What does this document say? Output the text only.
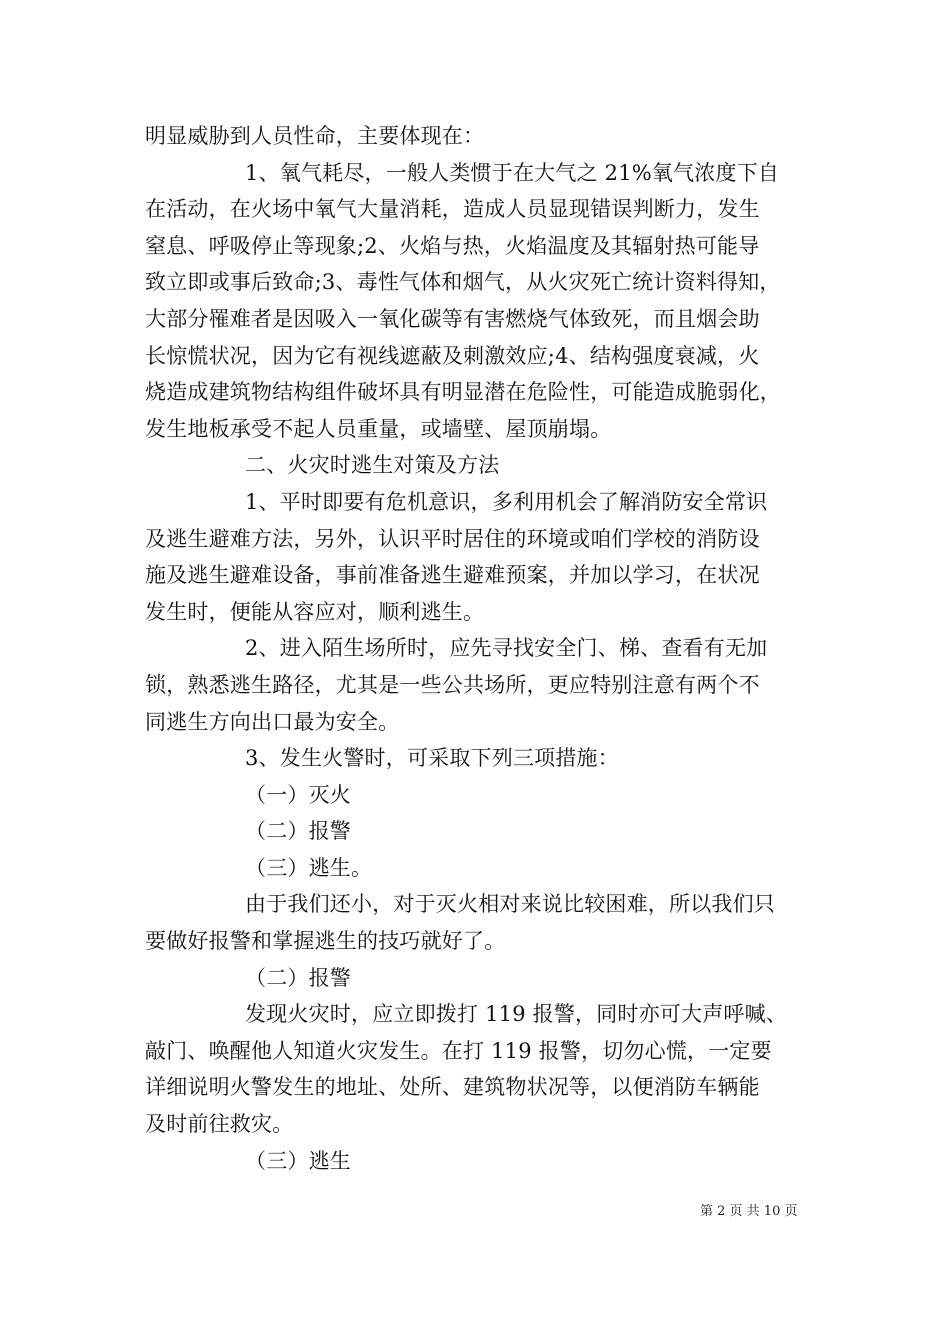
明显威胁到人员性命，主要体现在：
1、氧气耗尽，一般人类惯于在大气之 21%氧气浓度下自
在活动，在火场中氧气大量消耗，造成人员显现错误判断力，发生
窒息、呼吸停止等现象;2、火焰与热，火焰温度及其辐射热可能导
致立即或事后致命;3、毒性气体和烟气，从火灾死亡统计资料得知，
大部分罹难者是因吸入一氧化碳等有害燃烧气体致死，而且烟会助
长惊慌状况，因为它有视线遮蔽及刺激效应;4、结构强度衰减，火
烧造成建筑物结构组件破坏具有明显潜在危险性，可能造成脆弱化，
发生地板承受不起人员重量，或墙壁、屋顶崩塌。
二、火灾时逃生对策及方法
1、平时即要有危机意识，多利用机会了解消防安全常识
及逃生避难方法，另外，认识平时居住的环境或咱们学校的消防设
施及逃生避难设备，事前准备逃生避难预案，并加以学习，在状况
发生时，便能从容应对，顺利逃生。
2、进入陌生场所时，应先寻找安全门、梯、查看有无加
锁，熟悉逃生路径，尤其是一些公共场所，更应特别注意有两个不
同逃生方向出口最为安全。
3、发生火警时，可采取下列三项措施：
（一）灭火
（二）报警
（三）逃生。
由于我们还小，对于灭火相对来说比较困难，所以我们只
要做好报警和掌握逃生的技巧就好了。
（二）报警
发现火灾时，应立即拨打 119 报警，同时亦可大声呼喊、
敲门、唤醒他人知道火灾发生。在打 119 报警，切勿心慌，一定要
详细说明火警发生的地址、处所、建筑物状况等，以便消防车辆能
及时前往救灾。
（三）逃生
第 2 页 共 10 页
